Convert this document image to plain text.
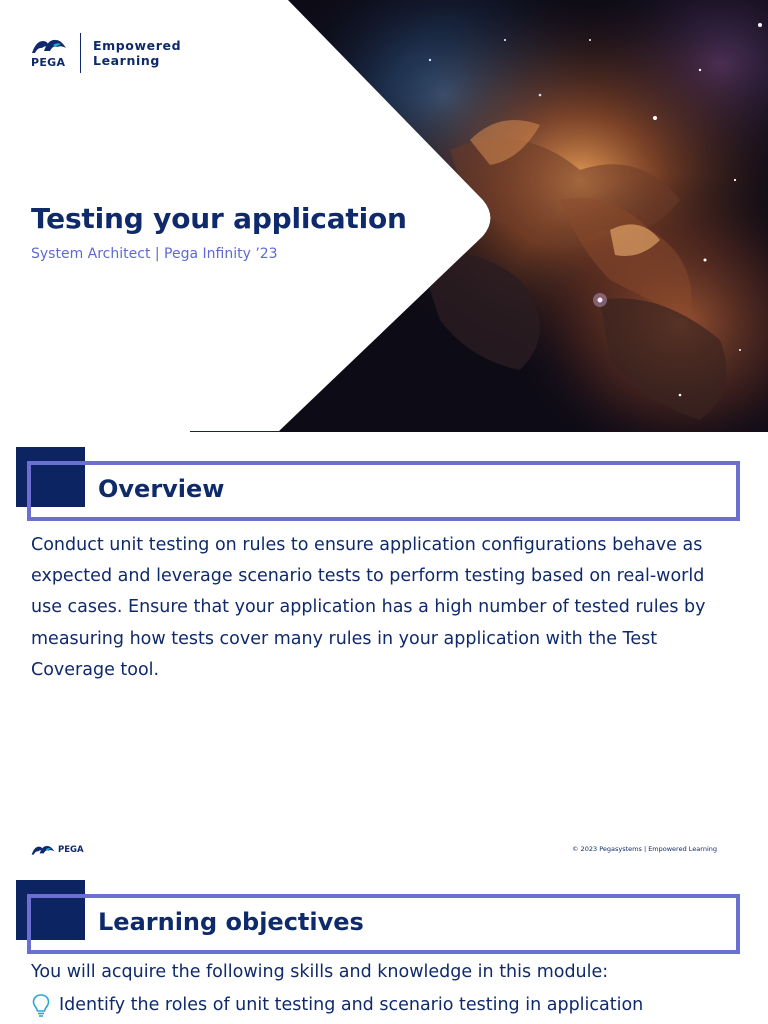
PEGA
Empowered
Learning
Testing your application
System Architect | Pega Infinity ’23
Overview
Conduct unit testing on rules to ensure application configurations behave as expected and leverage scenario tests to perform testing based on real-world use cases. Ensure that your application has a high number of tested rules by measuring how tests cover many rules in your application with the Test Coverage tool.
PEGA	© 2023 Pegasystems | Empowered Learning
Learning objectives
You will acquire the following skills and knowledge in this module:
Identify the roles of unit testing and scenario testing in application
